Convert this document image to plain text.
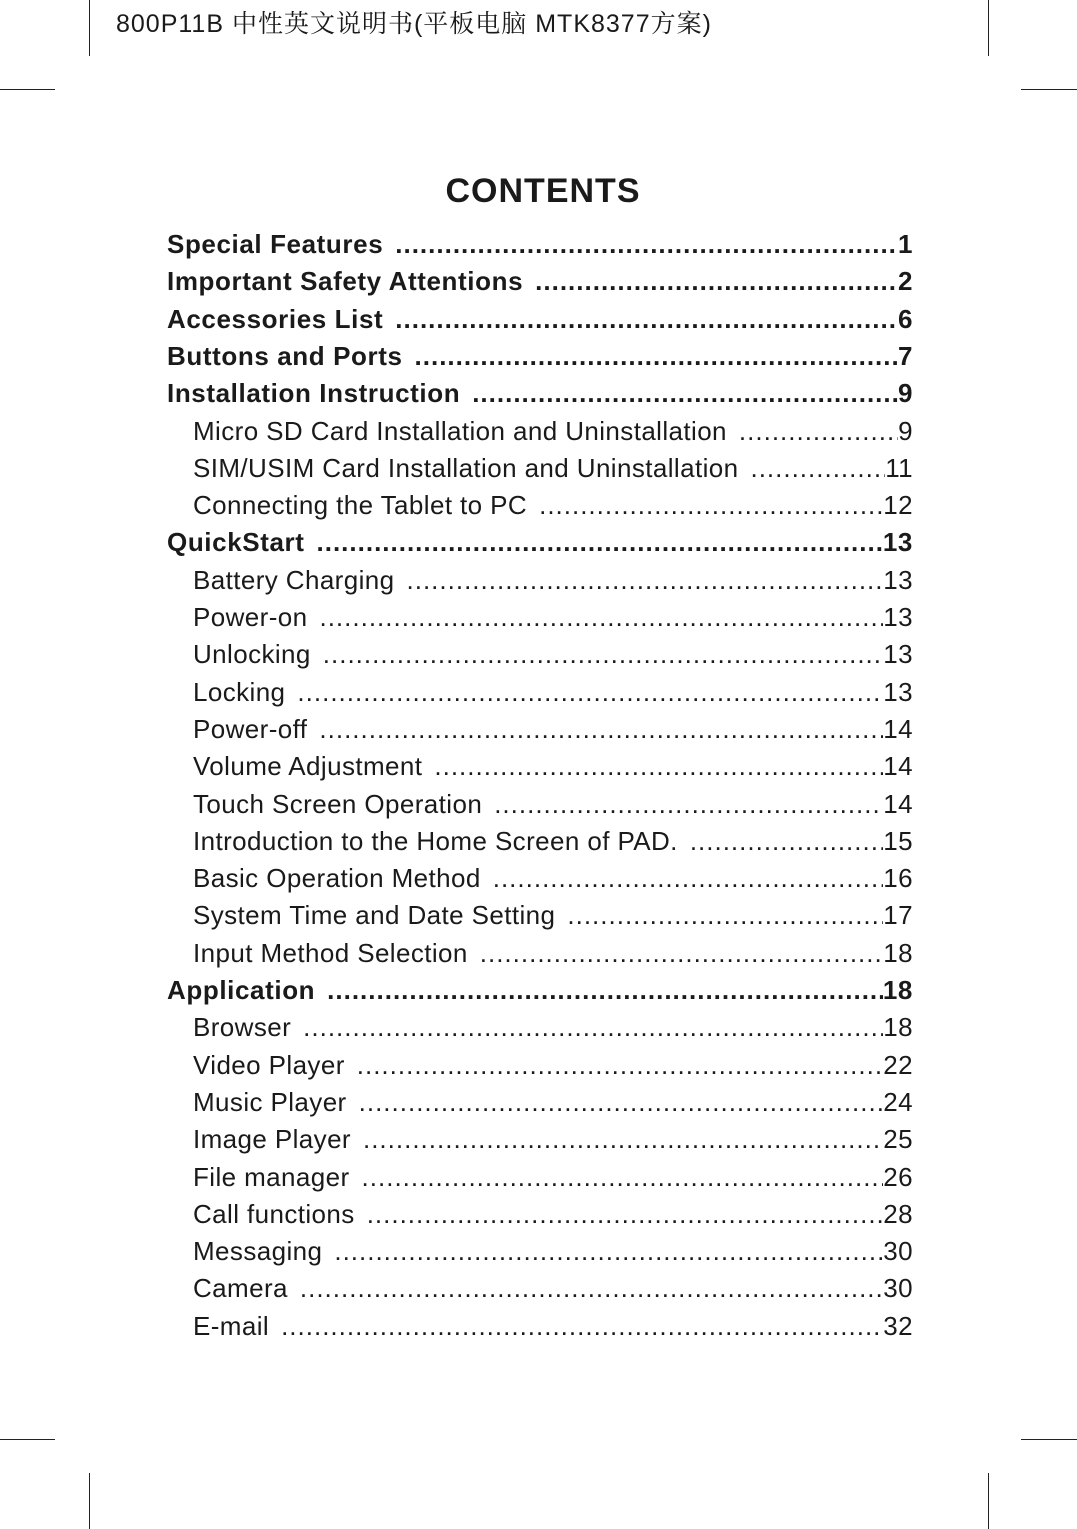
800P11B 中性英文说明书(平板电脑 MTK8377方案)
CONTENTS
Special Features .....	1
Important Safety Attentions .....	2
Accessories List .....	6
Buttons and Ports .....	7
Installation Instruction .....	9
Micro SD Card Installation and Uninstallation .....	9
SIM/USIM Card Installation and Uninstallation .....	11
Connecting the Tablet to PC .....	12
QuickStart .....	13
Battery Charging .....	13
Power-on .....	13
Unlocking .....	13
Locking .....	13
Power-off .....	14
Volume Adjustment .....	14
Touch Screen Operation .....	14
Introduction to the Home Screen of PAD. .....	15
Basic Operation Method .....	16
System Time and Date Setting .....	17
Input Method Selection .....	18
Application .....	18
Browser .....	18
Video Player .....	22
Music Player .....	24
Image Player .....	25
File manager .....	26
Call functions .....	28
Messaging .....	30
Camera .....	30
E-mail .....	32
